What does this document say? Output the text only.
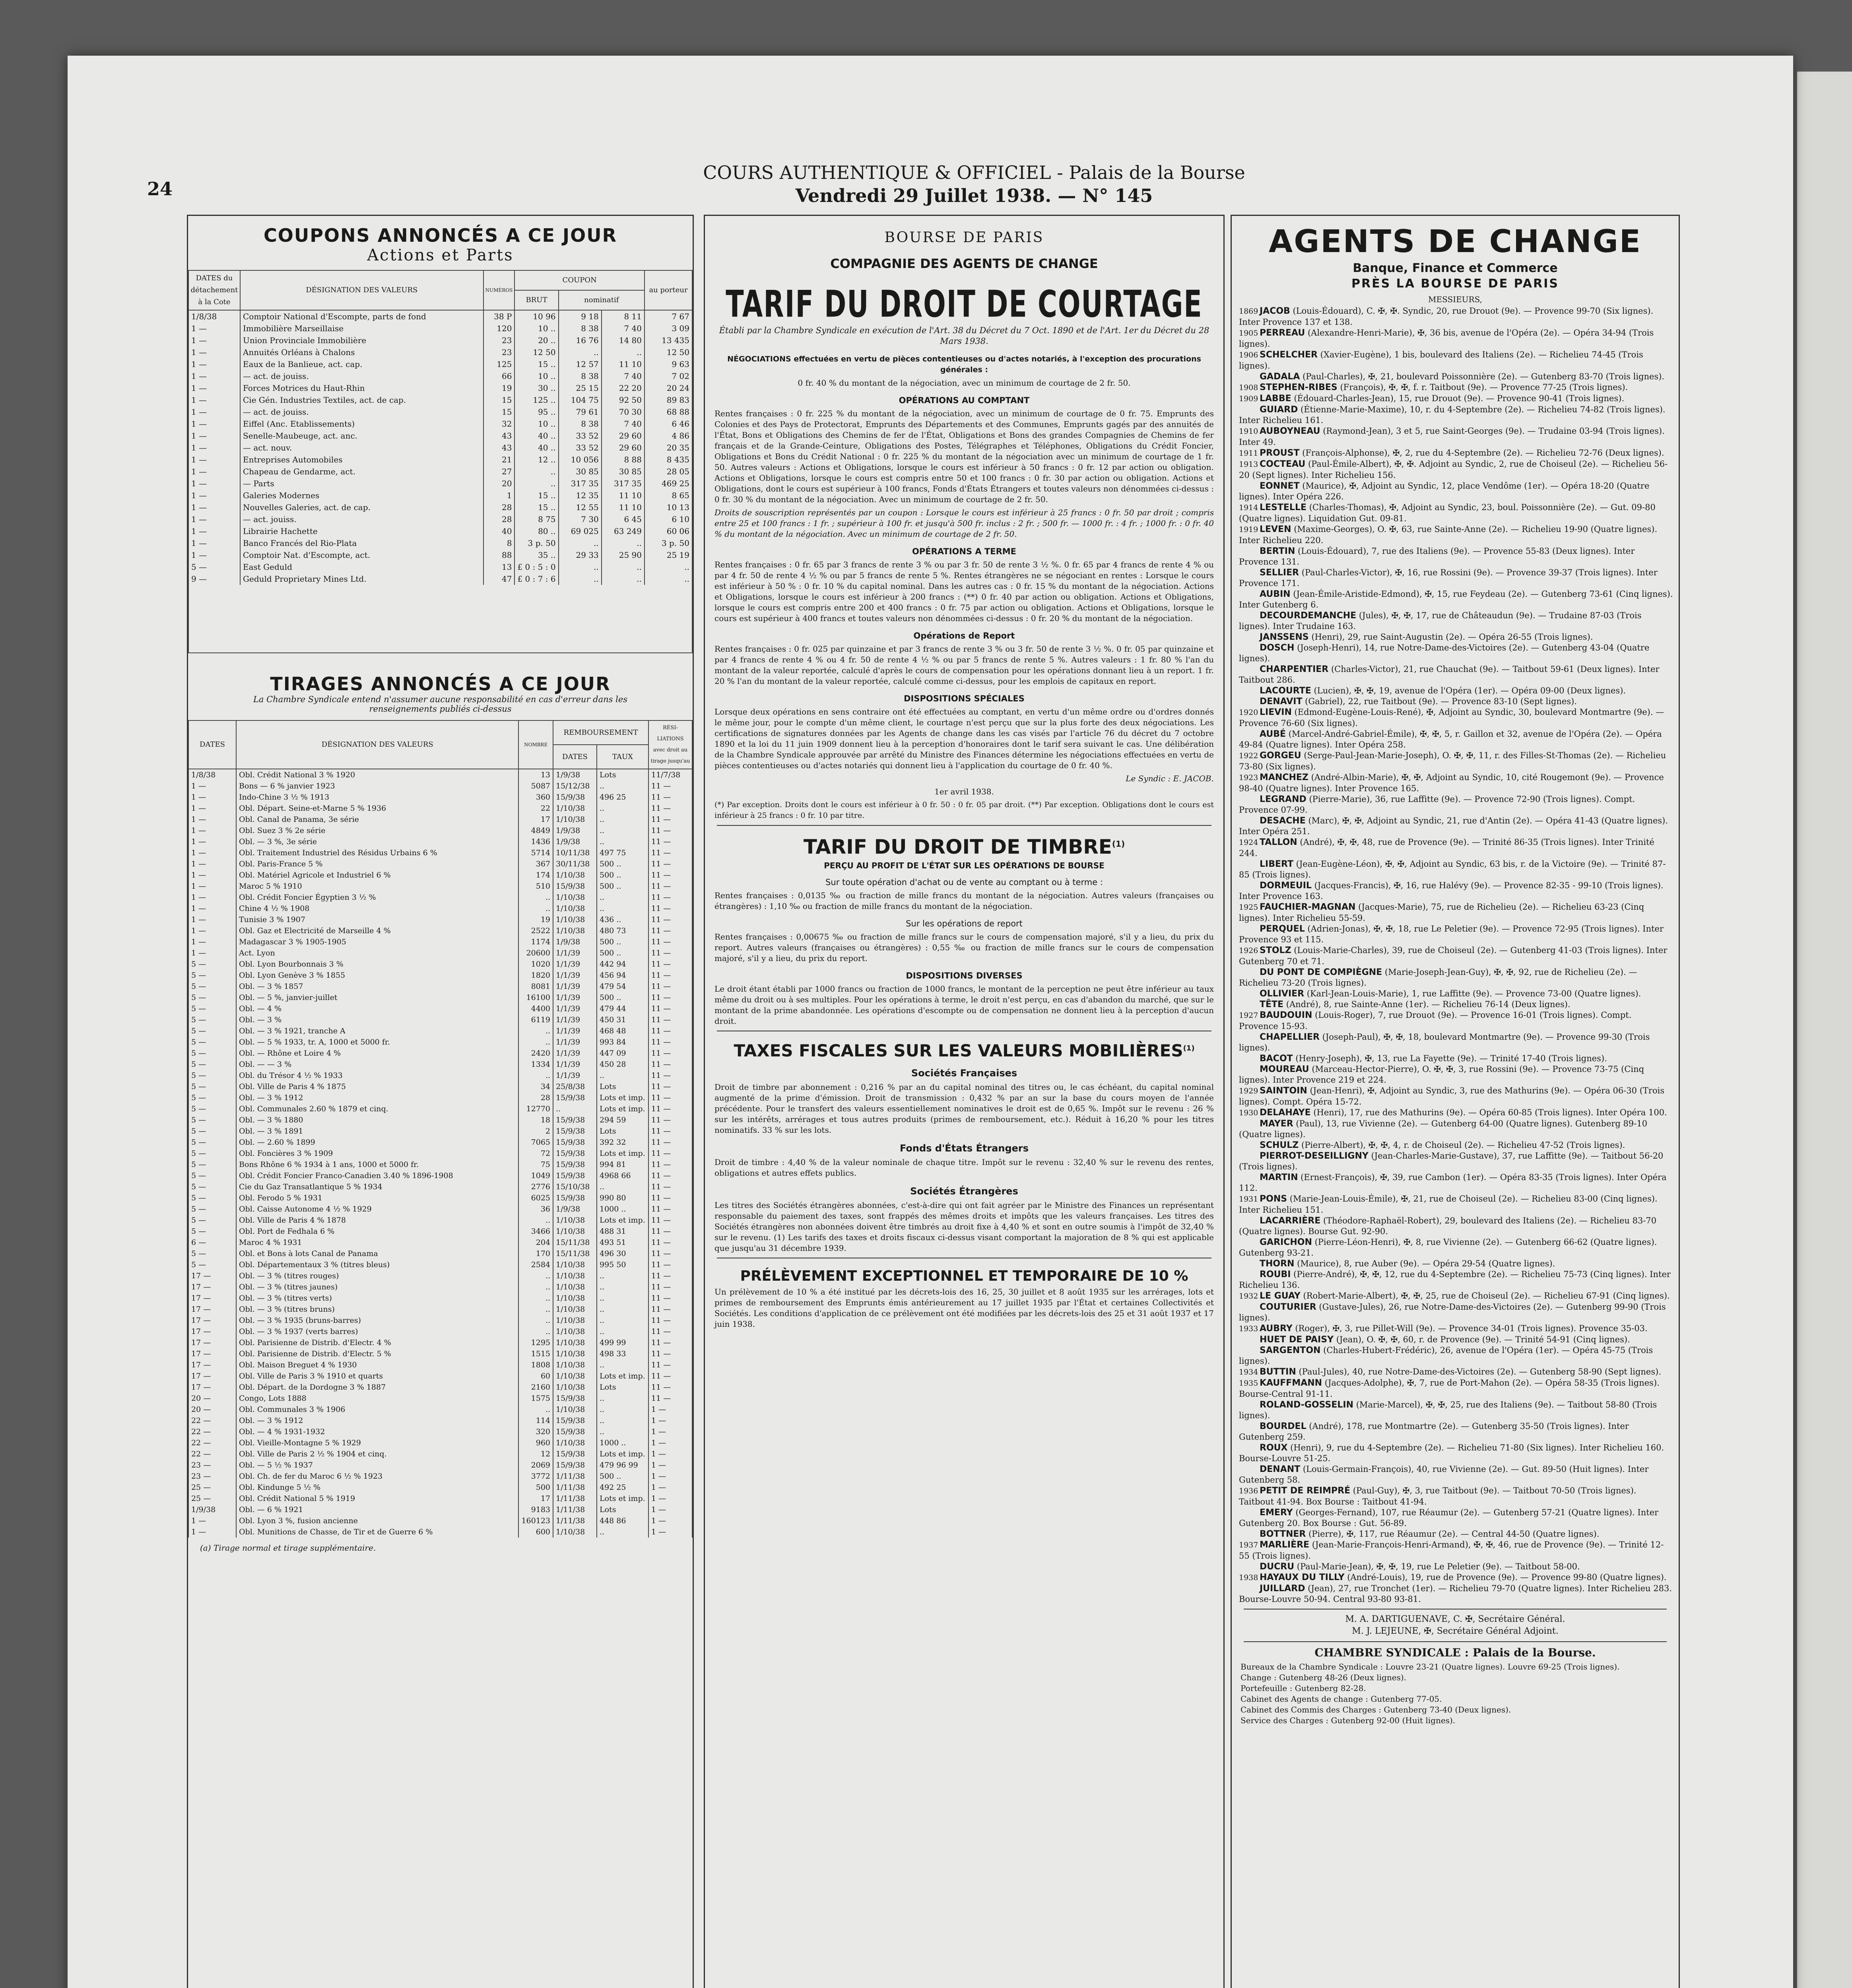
24
COURS AUTHENTIQUE & OFFICIEL - Palais de la Bourse
Vendredi 29 Juillet 1938. — N° 145
COUPONS ANNONCÉS A CE JOUR
Actions et Parts
DATES du détachement à la Cote	DÉSIGNATION DES VALEURS	NUMÉROS	COUPON			au porteur
			BRUT	nominatif		
1/8/38	Comptoir National d'Escompte, parts de fond	38 P	10 96	9 18	8 11	7 67
1 —	Immobilière Marseillaise	120	10 ..	8 38	7 40	3 09
1 —	Union Provinciale Immobilière	23	20 ..	16 76	14 80	13 435
1 —	Annuités Orléans à Chalons	23	12 50	..	..	12 50
1 —	Eaux de la Banlieue, act. cap.	125	15 ..	12 57	11 10	9 63
1 —	— act. de jouiss.	66	10 ..	8 38	7 40	7 02
1 —	Forces Motrices du Haut-Rhin	19	30 ..	25 15	22 20	20 24
1 —	Cie Gén. Industries Textiles, act. de cap.	15	125 ..	104 75	92 50	89 83
1 —	— act. de jouiss.	15	95 ..	79 61	70 30	68 88
1 —	Eiffel (Anc. Etablissements)	32	10 ..	8 38	7 40	6 46
1 —	Senelle-Maubeuge, act. anc.	43	40 ..	33 52	29 60	4 86
1 —	— act. nouv.	43	40 ..	33 52	29 60	20 35
1 —	Entreprises Automobiles	21	12 ..	10 056	8 88	8 435
1 —	Chapeau de Gendarme, act.	27	..	30 85	30 85	28 05
1 —	— Parts	20	..	317 35	317 35	469 25
1 —	Galeries Modernes	1	15 ..	12 35	11 10	8 65
1 —	Nouvelles Galeries, act. de cap.	28	15 ..	12 55	11 10	10 13
1 —	— act. jouiss.	28	8 75	7 30	6 45	6 10
1 —	Librairie Hachette	40	80 ..	69 025	63 249	60 06
1 —	Banco Francés del Rio-Plata	8	3 p. 50	..	..	3 p. 50
1 —	Comptoir Nat. d'Escompte, act.	88	35 ..	29 33	25 90	25 19
5 —	East Geduld	13	£ 0 : 5 : 0	..	..	..
9 —	Geduld Proprietary Mines Ltd.	47	£ 0 : 7 : 6	..	..	..
TIRAGES ANNONCÉS A CE JOUR
La Chambre Syndicale entend n'assumer aucune responsabilité en cas d'erreur dans les renseignements publiés ci-dessus
DATES	DÉSIGNATION DES VALEURS	NOMBRE	REMBOURSEMENT		RÉSI-LIATIONS avec droit au tirage jusqu'au
			DATES	TAUX	
1/8/38	Obl. Crédit National 3 % 1920	13	1/9/38	Lots	11/7/38
1 —	Bons — 6 % janvier 1923	5087	15/12/38	..	11 —
1 —	Indo-Chine 3 ½ % 1913	360	15/9/38	496 25	11 —
1 —	Obl. Départ. Seine-et-Marne 5 % 1936	22	1/10/38	..	11 —
1 —	Obl. Canal de Panama, 3e série	17	1/10/38	..	11 —
1 —	Obl. Suez 3 % 2e série	4849	1/9/38	..	11 —
1 —	Obl. — 3 %, 3e série	1436	1/9/38	..	11 —
1 —	Obl. Traitement Industriel des Résidus Urbains 6 %	5714	10/11/38	497 75	11 —
1 —	Obl. Paris-France 5 %	367	30/11/38	500 ..	11 —
1 —	Obl. Matériel Agricole et Industriel 6 %	174	1/10/38	500 ..	11 —
1 —	Maroc 5 % 1910	510	15/9/38	500 ..	11 —
1 —	Obl. Crédit Foncier Égyptien 3 ½ %	..	1/10/38	..	11 —
1 —	Chine 4 ½ % 1908	..	1/10/38	..	11 —
1 —	Tunisie 3 % 1907	19	1/10/38	436 ..	11 —
1 —	Obl. Gaz et Electricité de Marseille 4 %	2522	1/10/38	480 73	11 —
1 —	Madagascar 3 % 1905-1905	1174	1/9/38	500 ..	11 —
1 —	Act. Lyon	20600	1/1/39	500 ..	11 —
5 —	Obl. Lyon Bourbonnais 3 %	1020	1/1/39	442 94	11 —
5 —	Obl. Lyon Genève 3 % 1855	1820	1/1/39	456 94	11 —
5 —	Obl. — 3 % 1857	8081	1/1/39	479 54	11 —
5 —	Obl. — 5 %, janvier-juillet	16100	1/1/39	500 ..	11 —
5 —	Obl. — 4 %	4400	1/1/39	479 44	11 —
5 —	Obl. — 3 %	6119	1/1/39	450 31	11 —
5 —	Obl. — 3 % 1921, tranche A	..	1/1/39	468 48	11 —
5 —	Obl. — 5 % 1933, tr. A, 1000 et 5000 fr.	..	1/1/39	993 84	11 —
5 —	Obl. — Rhône et Loire 4 %	2420	1/1/39	447 09	11 —
5 —	Obl. — — 3 %	1334	1/1/39	450 28	11 —
5 —	Obl. du Trésor 4 ½ % 1933	..	1/1/39	..	11 —
5 —	Obl. Ville de Paris 4 % 1875	34	25/8/38	Lots	11 —
5 —	Obl. — 3 % 1912	28	15/9/38	Lots et imp.	11 —
5 —	Obl. Communales 2.60 % 1879 et cinq.	12770	..	Lots et imp.	11 —
5 —	Obl. — 3 % 1880	18	15/9/38	294 59	11 —
5 —	Obl. — 3 % 1891	2	15/9/38	Lots	11 —
5 —	Obl. — 2.60 % 1899	7065	15/9/38	392 32	11 —
5 —	Obl. Foncières 3 % 1909	72	15/9/38	Lots et imp.	11 —
5 —	Bons Rhône 6 % 1934 à 1 ans, 1000 et 5000 fr.	75	15/9/38	994 81	11 —
5 —	Obl. Crédit Foncier Franco-Canadien 3.40 % 1896-1908	1049	15/9/38	4968 66	11 —
5 —	Cie du Gaz Transatlantique 5 % 1934	2776	15/10/38	..	11 —
5 —	Obl. Ferodo 5 % 1931	6025	15/9/38	990 80	11 —
5 —	Obl. Caisse Autonome 4 ½ % 1929	36	1/9/38	1000 ..	11 —
5 —	Obl. Ville de Paris 4 % 1878	..	1/10/38	Lots et imp.	11 —
5 —	Obl. Port de Fedhala 6 %	3466	1/10/38	488 31	11 —
6 —	Maroc 4 % 1931	204	15/11/38	493 51	11 —
5 —	Obl. et Bons à lots Canal de Panama	170	15/11/38	496 30	11 —
5 —	Obl. Départementaux 3 % (titres bleus)	2584	1/10/38	995 50	11 —
17 —	Obl. — 3 % (titres rouges)	..	1/10/38	..	11 —
17 —	Obl. — 3 % (titres jaunes)	..	1/10/38	..	11 —
17 —	Obl. — 3 % (titres verts)	..	1/10/38	..	11 —
17 —	Obl. — 3 % (titres bruns)	..	1/10/38	..	11 —
17 —	Obl. — 3 % 1935 (bruns-barres)	..	1/10/38	..	11 —
17 —	Obl. — 3 % 1937 (verts barres)	..	1/10/38	..	11 —
17 —	Obl. Parisienne de Distrib. d'Electr. 4 %	1295	1/10/38	499 99	11 —
17 —	Obl. Parisienne de Distrib. d'Electr. 5 %	1515	1/10/38	498 33	11 —
17 —	Obl. Maison Breguet 4 % 1930	1808	1/10/38	..	11 —
17 —	Obl. Ville de Paris 3 % 1910 et quarts	60	1/10/38	Lots et imp.	11 —
17 —	Obl. Départ. de la Dordogne 3 % 1887	2160	1/10/38	Lots	11 —
20 —	Congo, Lots 1888	1575	15/9/38	..	11 —
20 —	Obl. Communales 3 % 1906	..	1/10/38	..	1 —
22 —	Obl. — 3 % 1912	114	15/9/38	..	1 —
22 —	Obl. — 4 % 1931-1932	320	15/9/38	..	1 —
22 —	Obl. Vieille-Montagne 5 % 1929	960	1/10/38	1000 ..	1 —
22 —	Obl. Ville de Paris 2 ½ % 1904 et cinq.	12	15/9/38	Lots et imp.	1 —
23 —	Obl. — 5 ½ % 1937	2069	15/9/38	479 96 99	1 —
23 —	Obl. Ch. de fer du Maroc 6 ½ % 1923	3772	1/11/38	500 ..	1 —
25 —	Obl. Kindunge 5 ½ %	500	1/11/38	492 25	1 —
25 —	Obl. Crédit National 5 % 1919	17	1/11/38	Lots et imp.	1 —
1/9/38	Obl. — 6 % 1921	9183	1/11/38	Lots	1 —
1 —	Obl. Lyon 3 %, fusion ancienne	160123	1/11/38	448 86	1 —
1 —	Obl. Munitions de Chasse, de Tir et de Guerre 6 %	600	1/10/38	..	1 —
(a) Tirage normal et tirage supplémentaire.
BOURSE DE PARIS
COMPAGNIE DES AGENTS DE CHANGE
TARIF DU DROIT DE COURTAGE
Établi par la Chambre Syndicale en exécution de l'Art. 38 du Décret du 7 Oct. 1890 et de l'Art. 1er du Décret du 28 Mars 1938.
NÉGOCIATIONS effectuées en vertu de pièces contentieuses ou d'actes notariés, à l'exception des procurations générales :
0 fr. 40 % du montant de la négociation, avec un minimum de courtage de 2 fr. 50.
OPÉRATIONS AU COMPTANT
Rentes françaises : 0 fr. 225 % du montant de la négociation, avec un minimum de courtage de 0 fr. 75. Emprunts des Colonies et des Pays de Protectorat, Emprunts des Départements et des Communes, Emprunts gagés par des annuités de l'État, Bons et Obligations des Chemins de fer de l'État, Obligations et Bons des grandes Compagnies de Chemins de fer français et de la Grande-Ceinture, Obligations des Postes, Télégraphes et Téléphones, Obligations du Crédit Foncier, Obligations et Bons du Crédit National : 0 fr. 225 % du montant de la négociation avec un minimum de courtage de 1 fr. 50. Autres valeurs : Actions et Obligations, lorsque le cours est inférieur à 50 francs : 0 fr. 12 par action ou obligation. Actions et Obligations, lorsque le cours est compris entre 50 et 100 francs : 0 fr. 30 par action ou obligation. Actions et Obligations, dont le cours est supérieur à 100 francs, Fonds d'États Étrangers et toutes valeurs non dénommées ci-dessus : 0 fr. 30 % du montant de la négociation. Avec un minimum de courtage de 2 fr. 50.
Droits de souscription représentés par un coupon : Lorsque le cours est inférieur à 25 francs : 0 fr. 50 par droit ; compris entre 25 et 100 francs : 1 fr. ; supérieur à 100 fr. et jusqu'à 500 fr. inclus : 2 fr. ; 500 fr. — 1000 fr. : 4 fr. ; 1000 fr. : 0 fr. 40 % du montant de la négociation. Avec un minimum de courtage de 2 fr. 50.
OPÉRATIONS A TERME
Rentes françaises : 0 fr. 65 par 3 francs de rente 3 % ou par 3 fr. 50 de rente 3 ½ %. 0 fr. 65 par 4 francs de rente 4 % ou par 4 fr. 50 de rente 4 ½ % ou par 5 francs de rente 5 %. Rentes étrangères ne se négociant en rentes : Lorsque le cours est inférieur à 50 % : 0 fr. 10 % du capital nominal. Dans les autres cas : 0 fr. 15 % du montant de la négociation. Actions et Obligations, lorsque le cours est inférieur à 200 francs : (**) 0 fr. 40 par action ou obligation. Actions et Obligations, lorsque le cours est compris entre 200 et 400 francs : 0 fr. 75 par action ou obligation. Actions et Obligations, lorsque le cours est supérieur à 400 francs et toutes valeurs non dénommées ci-dessus : 0 fr. 20 % du montant de la négociation.
Opérations de Report
Rentes françaises : 0 fr. 025 par quinzaine et par 3 francs de rente 3 % ou 3 fr. 50 de rente 3 ½ %. 0 fr. 05 par quinzaine et par 4 francs de rente 4 % ou 4 fr. 50 de rente 4 ½ % ou par 5 francs de rente 5 %. Autres valeurs : 1 fr. 80 % l'an du montant de la valeur reportée, calculé d'après le cours de compensation pour les opérations donnant lieu à un report. 1 fr. 20 % l'an du montant de la valeur reportée, calculé comme ci-dessus, pour les emplois de capitaux en report.
DISPOSITIONS SPÉCIALES
Lorsque deux opérations en sens contraire ont été effectuées au comptant, en vertu d'un même ordre ou d'ordres donnés le même jour, pour le compte d'un même client, le courtage n'est perçu que sur la plus forte des deux négociations. Les certifications de signatures données par les Agents de change dans les cas visés par l'article 76 du décret du 7 octobre 1890 et la loi du 11 juin 1909 donnent lieu à la perception d'honoraires dont le tarif sera suivant le cas. Une délibération de la Chambre Syndicale approuvée par arrêté du Ministre des Finances détermine les négociations effectuées en vertu de pièces contentieuses ou d'actes notariés qui donnent lieu à l'application du courtage de 0 fr. 40 %.
Le Syndic : E. JACOB.
1er avril 1938.
(*) Par exception. Droits dont le cours est inférieur à 0 fr. 50 : 0 fr. 05 par droit. (**) Par exception. Obligations dont le cours est inférieur à 25 francs : 0 fr. 10 par titre.
TARIF DU DROIT DE TIMBRE$^{(1)}$
PERÇU AU PROFIT DE L'ÉTAT SUR LES OPÉRATIONS DE BOURSE
Sur toute opération d'achat ou de vente au comptant ou à terme :
Rentes françaises : 0,0135 ‰ ou fraction de mille francs du montant de la négociation. Autres valeurs (françaises ou étrangères) : 1,10 ‰ ou fraction de mille francs du montant de la négociation.
Sur les opérations de report
Rentes françaises : 0,00675 ‰ ou fraction de mille francs sur le cours de compensation majoré, s'il y a lieu, du prix du report. Autres valeurs (françaises ou étrangères) : 0,55 ‰ ou fraction de mille francs sur le cours de compensation majoré, s'il y a lieu, du prix du report.
DISPOSITIONS DIVERSES
Le droit étant établi par 1000 francs ou fraction de 1000 francs, le montant de la perception ne peut être inférieur au taux même du droit ou à ses multiples. Pour les opérations à terme, le droit n'est perçu, en cas d'abandon du marché, que sur le montant de la prime abandonnée. Les opérations d'escompte ou de compensation ne donnent lieu à la perception d'aucun droit.
TAXES FISCALES SUR LES VALEURS MOBILIÈRES$^{(1)}$
Sociétés Françaises
Droit de timbre par abonnement : 0,216 % par an du capital nominal des titres ou, le cas échéant, du capital nominal augmenté de la prime d'émission. Droit de transmission : 0,432 % par an sur la base du cours moyen de l'année précédente. Pour le transfert des valeurs essentiellement nominatives le droit est de 0,65 %. Impôt sur le revenu : 26 % sur les intérêts, arrérages et tous autres produits (primes de remboursement, etc.). Réduit à 16,20 % pour les titres nominatifs. 33 % sur les lots.
Fonds d'États Étrangers
Droit de timbre : 4,40 % de la valeur nominale de chaque titre. Impôt sur le revenu : 32,40 % sur le revenu des rentes, obligations et autres effets publics.
Sociétés Étrangères
Les titres des Sociétés étrangères abonnées, c'est-à-dire qui ont fait agréer par le Ministre des Finances un représentant responsable du paiement des taxes, sont frappés des mêmes droits et impôts que les valeurs françaises. Les titres des Sociétés étrangères non abonnées doivent être timbrés au droit fixe à 4,40 % et sont en outre soumis à l'impôt de 32,40 % sur le revenu. (1) Les tarifs des taxes et droits fiscaux ci-dessus visant comportant la majoration de 8 % qui est applicable que jusqu'au 31 décembre 1939.
PRÉLÈVEMENT EXCEPTIONNEL ET TEMPORAIRE DE 10 %
Un prélèvement de 10 % a été institué par les décrets-lois des 16, 25, 30 juillet et 8 août 1935 sur les arrérages, lots et primes de remboursement des Emprunts émis antérieurement au 17 juillet 1935 par l'État et certaines Collectivités et Sociétés. Les conditions d'application de ce prélèvement ont été modifiées par les décrets-lois des 25 et 31 août 1937 et 17 juin 1938.
AGENTS DE CHANGE
Banque, Finance et Commerce
PRÈS LA BOURSE DE PARIS
MESSIEURS,

1869 JACOB (Louis-Édouard), C. ✠, ✠. Syndic, 20, rue Drouot (9e). — Provence 99-70 (Six lignes). Inter Provence 137 et 138.

1905 PERREAU (Alexandre-Henri-Marie), ✠, 36 bis, avenue de l'Opéra (2e). — Opéra 34-94 (Trois lignes).

1906 SCHELCHER (Xavier-Eugène), 1 bis, boulevard des Italiens (2e). — Richelieu 74-45 (Trois lignes).

GADALA (Paul-Charles), ✠, 21, boulevard Poissonnière (2e). — Gutenberg 83-70 (Trois lignes).

1908 STEPHEN-RIBES (François), ✠, ✠, f. r. Taitbout (9e). — Provence 77-25 (Trois lignes).

1909 LABBE (Édouard-Charles-Jean), 15, rue Drouot (9e). — Provence 90-41 (Trois lignes).

GUIARD (Étienne-Marie-Maxime), 10, r. du 4-Septembre (2e). — Richelieu 74-82 (Trois lignes). Inter Richelieu 161.

1910 AUBOYNEAU (Raymond-Jean), 3 et 5, rue Saint-Georges (9e). — Trudaine 03-94 (Trois lignes). Inter 49.

1911 PROUST (François-Alphonse), ✠, 2, rue du 4-Septembre (2e). — Richelieu 72-76 (Deux lignes).

1913 COCTEAU (Paul-Émile-Albert), ✠, ✠. Adjoint au Syndic, 2, rue de Choiseul (2e). — Richelieu 56-20 (Sept lignes). Inter Richelieu 156.

EONNET (Maurice), ✠, Adjoint au Syndic, 12, place Vendôme (1er). — Opéra 18-20 (Quatre lignes). Inter Opéra 226.

1914 LESTELLE (Charles-Thomas), ✠, Adjoint au Syndic, 23, boul. Poissonnière (2e). — Gut. 09-80 (Quatre lignes). Liquidation Gut. 09-81.

1919 LEVEN (Maxime-Georges), O. ✠, 63, rue Sainte-Anne (2e). — Richelieu 19-90 (Quatre lignes). Inter Richelieu 220.

BERTIN (Louis-Édouard), 7, rue des Italiens (9e). — Provence 55-83 (Deux lignes). Inter Provence 131.

SELLIER (Paul-Charles-Victor), ✠, 16, rue Rossini (9e). — Provence 39-37 (Trois lignes). Inter Provence 171.

AUBIN (Jean-Émile-Aristide-Edmond), ✠, 15, rue Feydeau (2e). — Gutenberg 73-61 (Cinq lignes). Inter Gutenberg 6.

DECOURDEMANCHE (Jules), ✠, ✠, 17, rue de Châteaudun (9e). — Trudaine 87-03 (Trois lignes). Inter Trudaine 163.

JANSSENS (Henri), 29, rue Saint-Augustin (2e). — Opéra 26-55 (Trois lignes).

DOSCH (Joseph-Henri), 14, rue Notre-Dame-des-Victoires (2e). — Gutenberg 43-04 (Quatre lignes).

CHARPENTIER (Charles-Victor), 21, rue Chauchat (9e). — Taitbout 59-61 (Deux lignes). Inter Taitbout 286.

LACOURTE (Lucien), ✠, ✠, 19, avenue de l'Opéra (1er). — Opéra 09-00 (Deux lignes).

DENAVIT (Gabriel), 22, rue Taitbout (9e). — Provence 83-10 (Sept lignes).

1920 LIEVIN (Edmond-Eugène-Louis-René), ✠, Adjoint au Syndic, 30, boulevard Montmartre (9e). — Provence 76-60 (Six lignes).

AUBÉ (Marcel-André-Gabriel-Émile), ✠, ✠, 5, r. Gaillon et 32, avenue de l'Opéra (2e). — Opéra 49-84 (Quatre lignes). Inter Opéra 258.

1922 GORGEU (Serge-Paul-Jean-Marie-Joseph), O. ✠, ✠, 11, r. des Filles-St-Thomas (2e). — Richelieu 73-80 (Six lignes).

1923 MANCHEZ (André-Albin-Marie), ✠, ✠, Adjoint au Syndic, 10, cité Rougemont (9e). — Provence 98-40 (Quatre lignes). Inter Provence 165.

LEGRAND (Pierre-Marie), 36, rue Laffitte (9e). — Provence 72-90 (Trois lignes). Compt. Provence 07-99.

DESACHE (Marc), ✠, ✠, Adjoint au Syndic, 21, rue d'Antin (2e). — Opéra 41-43 (Quatre lignes). Inter Opéra 251.

1924 TALLON (André), ✠, ✠, 48, rue de Provence (9e). — Trinité 86-35 (Trois lignes). Inter Trinité 244.

LIBERT (Jean-Eugène-Léon), ✠, ✠, Adjoint au Syndic, 63 bis, r. de la Victoire (9e). — Trinité 87-85 (Trois lignes).

DORMEUIL (Jacques-Francis), ✠, 16, rue Halévy (9e). — Provence 82-35 - 99-10 (Trois lignes). Inter Provence 163.

1925 FAUCHIER-MAGNAN (Jacques-Marie), 75, rue de Richelieu (2e). — Richelieu 63-23 (Cinq lignes). Inter Richelieu 55-59.

PERQUEL (Adrien-Jonas), ✠, ✠, 18, rue Le Peletier (9e). — Provence 72-95 (Trois lignes). Inter Provence 93 et 115.

1926 STOLZ (Louis-Marie-Charles), 39, rue de Choiseul (2e). — Gutenberg 41-03 (Trois lignes). Inter Gutenberg 70 et 71.

DU PONT DE COMPIÈGNE (Marie-Joseph-Jean-Guy), ✠, ✠, 92, rue de Richelieu (2e). — Richelieu 73-20 (Trois lignes).

OLLIVIER (Karl-Jean-Louis-Marie), 1, rue Laffitte (9e). — Provence 73-00 (Quatre lignes).

TÊTE (André), 8, rue Sainte-Anne (1er). — Richelieu 76-14 (Deux lignes).

1927 BAUDOUIN (Louis-Roger), 7, rue Drouot (9e). — Provence 16-01 (Trois lignes). Compt. Provence 15-93.

CHAPELLIER (Joseph-Paul), ✠, ✠, 18, boulevard Montmartre (9e). — Provence 99-30 (Trois lignes).

BACOT (Henry-Joseph), ✠, 13, rue La Fayette (9e). — Trinité 17-40 (Trois lignes).

MOUREAU (Marceau-Hector-Pierre), O. ✠, ✠, 3, rue Rossini (9e). — Provence 73-75 (Cinq lignes). Inter Provence 219 et 224.

1929 SAINTOIN (Jean-Henri), ✠, Adjoint au Syndic, 3, rue des Mathurins (9e). — Opéra 06-30 (Trois lignes). Compt. Opéra 15-72.

1930 DELAHAYE (Henri), 17, rue des Mathurins (9e). — Opéra 60-85 (Trois lignes). Inter Opéra 100.

MAYER (Paul), 13, rue Vivienne (2e). — Gutenberg 64-00 (Quatre lignes). Gutenberg 89-10 (Quatre lignes).

SCHULZ (Pierre-Albert), ✠, ✠, 4, r. de Choiseul (2e). — Richelieu 47-52 (Trois lignes).

PIERROT-DESEILLIGNY (Jean-Charles-Marie-Gustave), 37, rue Laffitte (9e). — Taitbout 56-20 (Trois lignes).

MARTIN (Ernest-François), ✠, 39, rue Cambon (1er). — Opéra 83-35 (Trois lignes). Inter Opéra 112.

1931 PONS (Marie-Jean-Louis-Émile), ✠, 21, rue de Choiseul (2e). — Richelieu 83-00 (Cinq lignes). Inter Richelieu 151.

LACARRIÈRE (Théodore-Raphaël-Robert), 29, boulevard des Italiens (2e). — Richelieu 83-70 (Quatre lignes). Bourse Gut. 92-90.

GARICHON (Pierre-Léon-Henri), ✠, 8, rue Vivienne (2e). — Gutenberg 66-62 (Quatre lignes). Gutenberg 93-21.

THORN (Maurice), 8, rue Auber (9e). — Opéra 29-54 (Quatre lignes).

ROUBI (Pierre-André), ✠, ✠, 12, rue du 4-Septembre (2e). — Richelieu 75-73 (Cinq lignes). Inter Richelieu 136.

1932 LE GUAY (Robert-Marie-Albert), ✠, ✠, 25, rue de Choiseul (2e). — Richelieu 67-91 (Cinq lignes).

COUTURIER (Gustave-Jules), 26, rue Notre-Dame-des-Victoires (2e). — Gutenberg 99-90 (Trois lignes).

1933 AUBRY (Roger), ✠, 3, rue Pillet-Will (9e). — Provence 34-01 (Trois lignes). Provence 35-03.

HUET DE PAISY (Jean), O. ✠, ✠, 60, r. de Provence (9e). — Trinité 54-91 (Cinq lignes).

SARGENTON (Charles-Hubert-Frédéric), 26, avenue de l'Opéra (1er). — Opéra 45-75 (Trois lignes).

1934 BUTTIN (Paul-Jules), 40, rue Notre-Dame-des-Victoires (2e). — Gutenberg 58-90 (Sept lignes).

1935 KAUFFMANN (Jacques-Adolphe), ✠, 7, rue de Port-Mahon (2e). — Opéra 58-35 (Trois lignes). Bourse-Central 91-11.

ROLAND-GOSSELIN (Marie-Marcel), ✠, ✠, 25, rue des Italiens (9e). — Taitbout 58-80 (Trois lignes).

BOURDEL (André), 178, rue Montmartre (2e). — Gutenberg 35-50 (Trois lignes). Inter Gutenberg 259.

ROUX (Henri), 9, rue du 4-Septembre (2e). — Richelieu 71-80 (Six lignes). Inter Richelieu 160. Bourse-Louvre 51-25.

DENANT (Louis-Germain-François), 40, rue Vivienne (2e). — Gut. 89-50 (Huit lignes). Inter Gutenberg 58.

1936 PETIT DE REIMPRÉ (Paul-Guy), ✠, 3, rue Taitbout (9e). — Taitbout 70-50 (Trois lignes). Taitbout 41-94. Box Bourse : Taitbout 41-94.

EMERY (Georges-Fernand), 107, rue Réaumur (2e). — Gutenberg 57-21 (Quatre lignes). Inter Gutenberg 20. Box Bourse : Gut. 56-89.

BOTTNER (Pierre), ✠, 117, rue Réaumur (2e). — Central 44-50 (Quatre lignes).

1937 MARLIÈRE (Jean-Marie-François-Henri-Armand), ✠, ✠, 46, rue de Provence (9e). — Trinité 12-55 (Trois lignes).

DUCRU (Paul-Marie-Jean), ✠, ✠, 19, rue Le Peletier (9e). — Taitbout 58-00.

1938 HAYAUX DU TILLY (André-Louis), 19, rue de Provence (9e). — Provence 99-80 (Quatre lignes).

JUILLARD (Jean), 27, rue Tronchet (1er). — Richelieu 79-70 (Quatre lignes). Inter Richelieu 283. Bourse-Louvre 50-94. Central 93-80 93-81.

M. A. DARTIGUENAVE, C. ✠, Secrétaire Général.
M. J. LEJEUNE, ✠, Secrétaire Général Adjoint.
CHAMBRE SYNDICALE : Palais de la Bourse.
Bureaux de la Chambre Syndicale : Louvre 23-21 (Quatre lignes). Louvre 69-25 (Trois lignes).
Change : Gutenberg 48-26 (Deux lignes).
Portefeuille : Gutenberg 82-28.
Cabinet des Agents de change : Gutenberg 77-05.
Cabinet des Commis des Charges : Gutenberg 73-40 (Deux lignes).
Service des Charges : Gutenberg 92-00 (Huit lignes).
